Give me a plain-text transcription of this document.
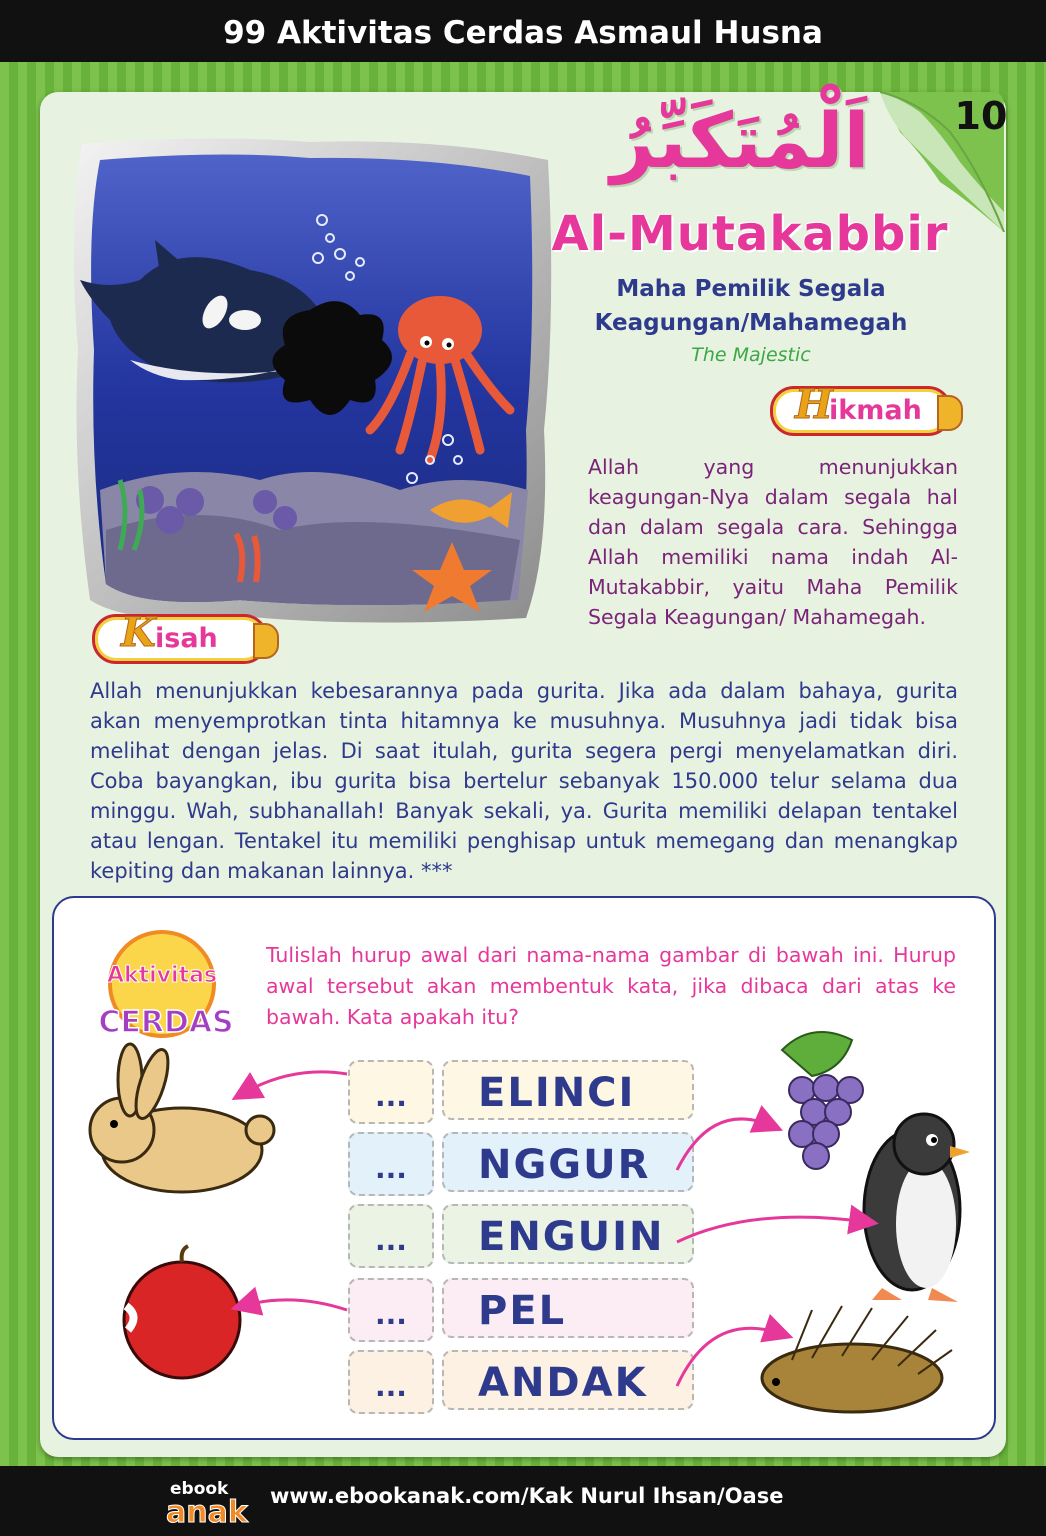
99 Aktivitas Cerdas Asmaul Husna
10
اَلْمُتَكَبِّرُ
Al-Mutakabbir
Maha Pemilik Segala
Keagungan/Mahamegah
The Majestic
H
ikmah
Allah yang menunjukkan keagungan-Nya dalam segala hal dan dalam segala cara. Sehingga Allah memiliki nama indah Al-Mutakabbir, yaitu Maha Pemilik Segala Keagungan/ Mahamegah.
K isah
Allah menunjukkan kebesarannya pada gurita. Jika ada dalam bahaya, gurita akan menyemprotkan tinta hitamnya ke musuhnya. Musuhnya jadi tidak bisa melihat dengan jelas. Di saat itulah, gurita segera pergi menyelamatkan diri. Coba bayangkan, ibu gurita bisa bertelur sebanyak 150.000 telur selama dua minggu. Wah, subhanallah! Banyak sekali, ya. Gurita memiliki delapan tentakel atau lengan. Tentakel itu memiliki penghisap untuk memegang dan menangkap kepiting dan makanan lainnya. ***
Aktivitas
CERDAS
Tulislah hurup awal dari nama-nama gambar di bawah ini. Hurup awal tersebut akan membentuk kata, jika dibaca dari atas ke bawah. Kata apakah itu?
...	ELINCI
...	NGGUR
...	ENGUIN
...	PEL
...	ANDAK
ebook
anak www.ebookanak.com/Kak Nurul Ihsan/Oase
